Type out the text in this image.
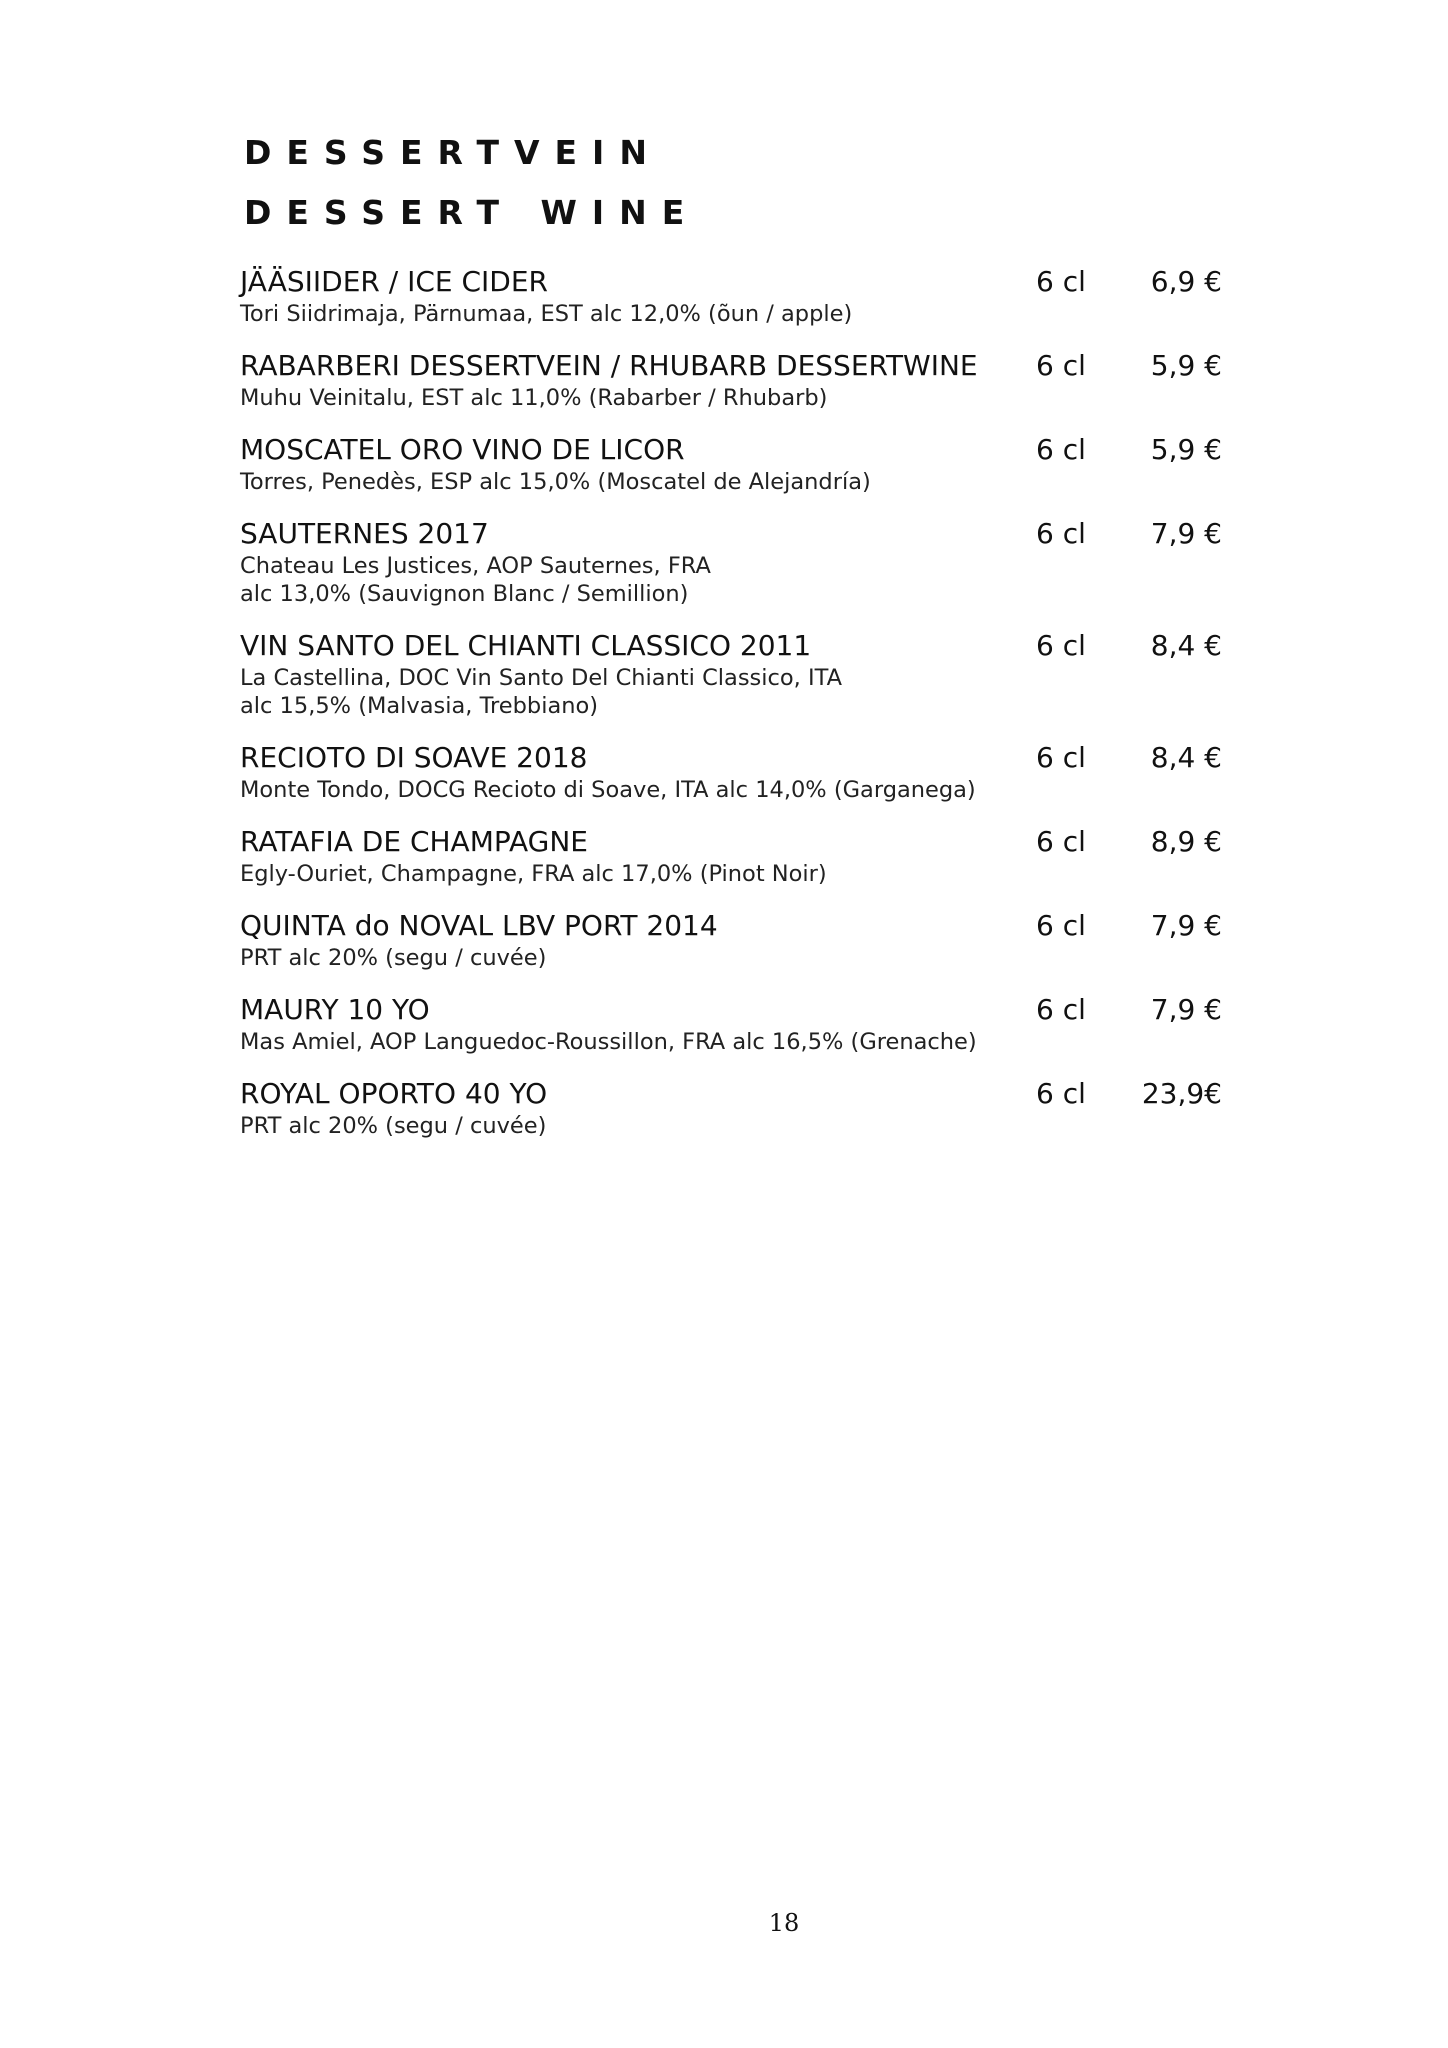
DESSERTVEIN
DESSERT WINE
JÄÄSIIDER / ICE CIDER	6 cl 6,9 €
Tori Siidrimaja, Pärnumaa, EST alc 12,0% (õun / apple)
RABARBERI DESSERTVEIN / RHUBARB DESSERTWINE	6 cl 5,9 €
Muhu Veinitalu, EST alc 11,0% (Rabarber / Rhubarb)
MOSCATEL ORO VINO DE LICOR	6 cl 5,9 €
Torres, Penedès, ESP alc 15,0% (Moscatel de Alejandría)
SAUTERNES 2017	6 cl 7,9 €
Chateau Les Justices, AOP Sauternes, FRA
alc 13,0% (Sauvignon Blanc / Semillion)
VIN SANTO DEL CHIANTI CLASSICO 2011	6 cl 8,4 €
La Castellina, DOC Vin Santo Del Chianti Classico, ITA
alc 15,5% (Malvasia, Trebbiano)
RECIOTO DI SOAVE 2018	6 cl 8,4 €
Monte Tondo, DOCG Recioto di Soave, ITA alc 14,0% (Garganega)
RATAFIA DE CHAMPAGNE	6 cl 8,9 €
Egly-Ouriet, Champagne, FRA alc 17,0% (Pinot Noir)
QUINTA do NOVAL LBV PORT 2014	6 cl 7,9 €
PRT alc 20% (segu / cuvée)
MAURY 10 YO	6 cl 7,9 €
Mas Amiel, AOP Languedoc-Roussillon, FRA alc 16,5% (Grenache)
ROYAL OPORTO 40 YO	6 cl 23,9€
PRT alc 20% (segu / cuvée)
18
